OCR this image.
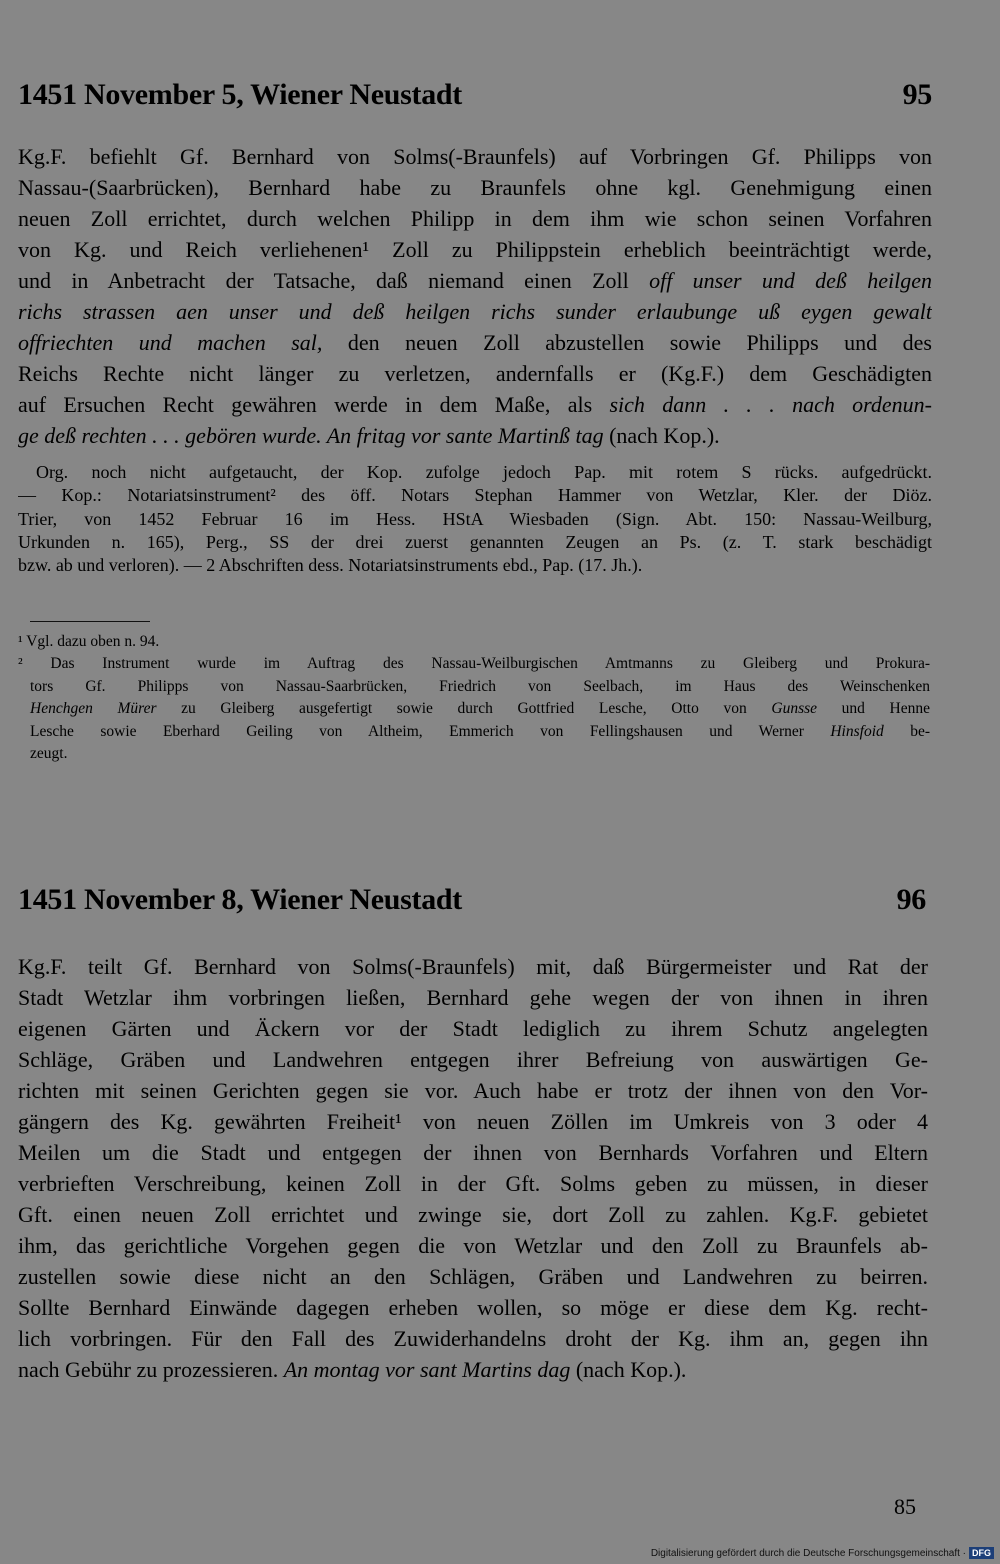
1451 November 5, Wiener Neustadt	95
Kg.F. befiehlt Gf. Bernhard von Solms(-Braunfels) auf Vorbringen Gf. Philipps von
Nassau-(Saarbrücken), Bernhard habe zu Braunfels ohne kgl. Genehmigung einen
neuen Zoll errichtet, durch welchen Philipp in dem ihm wie schon seinen Vorfahren
von Kg. und Reich verliehenen¹ Zoll zu Philippstein erheblich beeinträchtigt werde,
und in Anbetracht der Tatsache, daß niemand einen Zoll off unser und deß heilgen
richs strassen aen unser und deß heilgen richs sunder erlaubunge uß eygen gewalt
offriechten und machen sal, den neuen Zoll abzustellen sowie Philipps und des
Reichs Rechte nicht länger zu verletzen, andernfalls er (Kg.F.) dem Geschädigten
auf Ersuchen Recht gewähren werde in dem Maße, als sich dann . . . nach ordenun-
ge deß rechten . . . gebören wurde. An fritag vor sante Martinß tag (nach Kop.).
Org. noch nicht aufgetaucht, der Kop. zufolge jedoch Pap. mit rotem S rücks. aufgedrückt.
— Kop.: Notariatsinstrument² des öff. Notars Stephan Hammer von Wetzlar, Kler. der Diöz.
Trier, von 1452 Februar 16 im Hess. HStA Wiesbaden (Sign. Abt. 150: Nassau-Weilburg,
Urkunden n. 165), Perg., SS der drei zuerst genannten Zeugen an Ps. (z. T. stark beschädigt
bzw. ab und verloren). — 2 Abschriften dess. Notariatsinstruments ebd., Pap. (17. Jh.).
¹ Vgl. dazu oben n. 94.
² Das Instrument wurde im Auftrag des Nassau-Weilburgischen Amtmanns zu Gleiberg und Prokura-
tors Gf. Philipps von Nassau-Saarbrücken, Friedrich von Seelbach, im Haus des Weinschenken
Henchgen Mürer zu Gleiberg ausgefertigt sowie durch Gottfried Lesche, Otto von Gunsse und Henne
Lesche sowie Eberhard Geiling von Altheim, Emmerich von Fellingshausen und Werner Hinsfoid be-
zeugt.
1451 November 8, Wiener Neustadt	96
Kg.F. teilt Gf. Bernhard von Solms(-Braunfels) mit, daß Bürgermeister und Rat der
Stadt Wetzlar ihm vorbringen ließen, Bernhard gehe wegen der von ihnen in ihren
eigenen Gärten und Äckern vor der Stadt lediglich zu ihrem Schutz angelegten
Schläge, Gräben und Landwehren entgegen ihrer Befreiung von auswärtigen Ge-
richten mit seinen Gerichten gegen sie vor. Auch habe er trotz der ihnen von den Vor-
gängern des Kg. gewährten Freiheit¹ von neuen Zöllen im Umkreis von 3 oder 4
Meilen um die Stadt und entgegen der ihnen von Bernhards Vorfahren und Eltern
verbrieften Verschreibung, keinen Zoll in der Gft. Solms geben zu müssen, in dieser
Gft. einen neuen Zoll errichtet und zwinge sie, dort Zoll zu zahlen. Kg.F. gebietet
ihm, das gerichtliche Vorgehen gegen die von Wetzlar und den Zoll zu Braunfels ab-
zustellen sowie diese nicht an den Schlägen, Gräben und Landwehren zu beirren.
Sollte Bernhard Einwände dagegen erheben wollen, so möge er diese dem Kg. recht-
lich vorbringen. Für den Fall des Zuwiderhandelns droht der Kg. ihm an, gegen ihn
nach Gebühr zu prozessieren. An montag vor sant Martins dag (nach Kop.).
85
Digitalisierung gefördert durch die Deutsche Forschungsgemeinschaft · DFG
